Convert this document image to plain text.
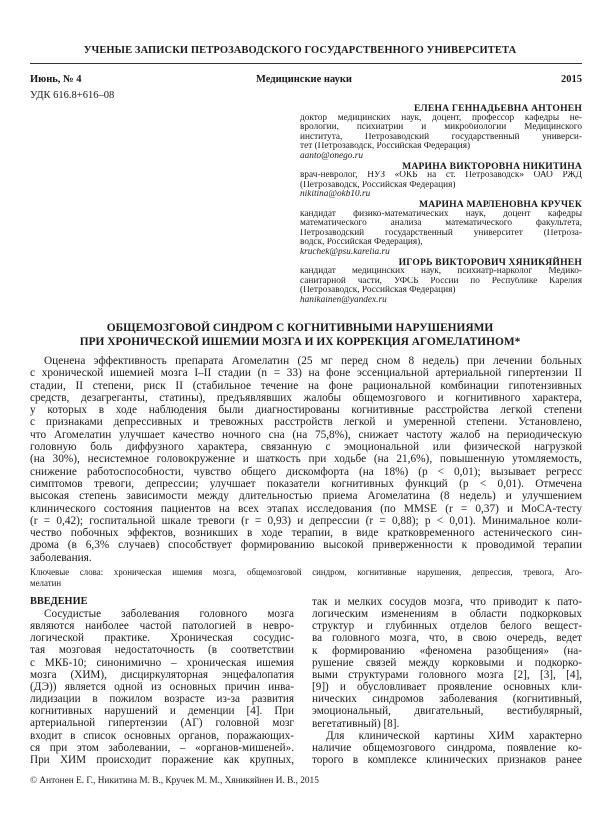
УЧЕНЫЕ ЗАПИСКИ ПЕТРОЗАВОДСКОГО ГОСУДАРСТВЕННОГО УНИВЕРСИТЕТА
Июнь, № 4	Медицинские науки	2015
УДК 616.8+616–08
ЕЛЕНА ГЕННАДЬЕВНА АНТОНЕН
доктор медицинских наук, доцент, профессор кафедры не-
врологии, психиатрии и микробиологии Медицинского
института, Петрозаводский государственный универси-
тет (Петрозаводск, Российская Федерация)
aanto@onego.ru
МАРИНА ВИКТОРОВНА НИКИТИНА
врач-невролог, НУЗ «ОКБ на ст. Петрозаводск» ОАО РЖД
(Петрозаводск, Российская Федерация)
nikitina@okb10.ru
МАРИНА МАРЛЕНОВНА КРУЧЕК
кандидат физико-математических наук, доцент кафедры
математического анализа математического факультета,
Петрозаводский государственный университет (Петроза-
водск, Российская Федерация),
kruchek@psu.karelia.ru
ИГОРЬ ВИКТОРОВИЧ ХЯНИКЯЙНЕН
кандидат медицинских наук, психиатр-нарколог Медико-
санитарной части, УФСБ России по Республике Карелия
(Петрозаводск, Российская Федерация)
hanikainen@yandex.ru
ОБЩЕМОЗГОВОЙ СИНДРОМ С КОГНИТИВНЫМИ НАРУШЕНИЯМИ
ПРИ ХРОНИЧЕСКОЙ ИШЕМИИ МОЗГА И ИХ КОРРЕКЦИЯ АГОМЕЛАТИНОМ*
Оценена эффективность препарата Агомелатин (25 мг перед сном 8 недель) при лечении больных
с хронической ишемией мозга I–II стадии (n = 33) на фоне эссенциальной артериальной гипертензии II
стадии, II степени, риск II (стабильное течение на фоне рациональной комбинации гипотензивных
средств, дезагреганты, статины), предъявлявших жалобы общемозгового и когнитивного характера,
у которых в ходе наблюдения были диагностированы когнитивные расстройства легкой степени
с признаками депрессивных и тревожных расстройств легкой и умеренной степени. Установлено,
что Агомелатин улучшает качество ночного сна (на 75,8%), снижает частоту жалоб на периодическую
головную боль диффузного характера, связанную с эмоциональной или физической нагрузкой
(на 30%), несистемное головокружение и шаткость при ходьбе (на 21,6%), повышенную утомляемость,
снижение работоспособности, чувство общего дискомфорта (на 18%) (p < 0,01); вызывает регресс
симптомов тревоги, депрессии; улучшает показатели когнитивных функций (p < 0,01). Отмечена
высокая степень зависимости между длительностью приема Агомелатина (8 недель) и улучшением
клинического состояния пациентов на всех этапах исследования (по MMSE (r = 0,37) и MoCA-тесту
(r = 0,42); госпитальной шкале тревоги (r = 0,93) и депрессии (r = 0,88); p < 0,01). Минимальное коли-
чество побочных эффектов, возникших в ходе терапии, в виде кратковременного астенического син-
дрома (в 6,3% случаев) способствует формированию высокой приверженности к проводимой терапии
заболевания.
Ключевые слова: хроническая ишемия мозга, общемозговой синдром, когнитивные нарушения, депрессия, тревога, Аго-
мелатин
ВВЕДЕНИЕ
Сосудистые заболевания головного мозга
являются наиболее частой патологией в невро-
логической практике. Хроническая сосудис-
тая мозговая недостаточность (в соответствии
с МКБ-10; синонимично – хроническая ишемия
мозга (ХИМ), дисциркуляторная энцефалопатия
(ДЭ)) является одной из основных причин инва-
лидизации в пожилом возрасте из-за развития
когнитивных нарушений и деменции [4]. При
артериальной гипертензии (АГ) головной мозг
входит в список основных органов, поражающих-
ся при этом заболевании, – «органов-мишеней».
При ХИМ происходит поражение как крупных,
так и мелких сосудов мозга, что приводит к пато-
логическим изменениям в области подкорковых
структур и глубинных отделов белого вещест-
ва головного мозга, что, в свою очередь, ведет
к формированию «феномена разобщения» (на-
рушение связей между корковыми и подкорко-
выми структурами головного мозга [2], [3], [4],
[9]) и обусловливает проявление основных кли-
нических синдромов заболевания (когнитивный,
эмоциональный, двигательный, вестибулярный,
вегетативный) [8].
Для клинической картины ХИМ характерно
наличие общемозгового синдрома, появление ко-
торого в комплексе клинических признаков ранее
© Антонен Е. Г., Никитина М. В., Кручек М. М., Хяникяйнен И. В., 2015
